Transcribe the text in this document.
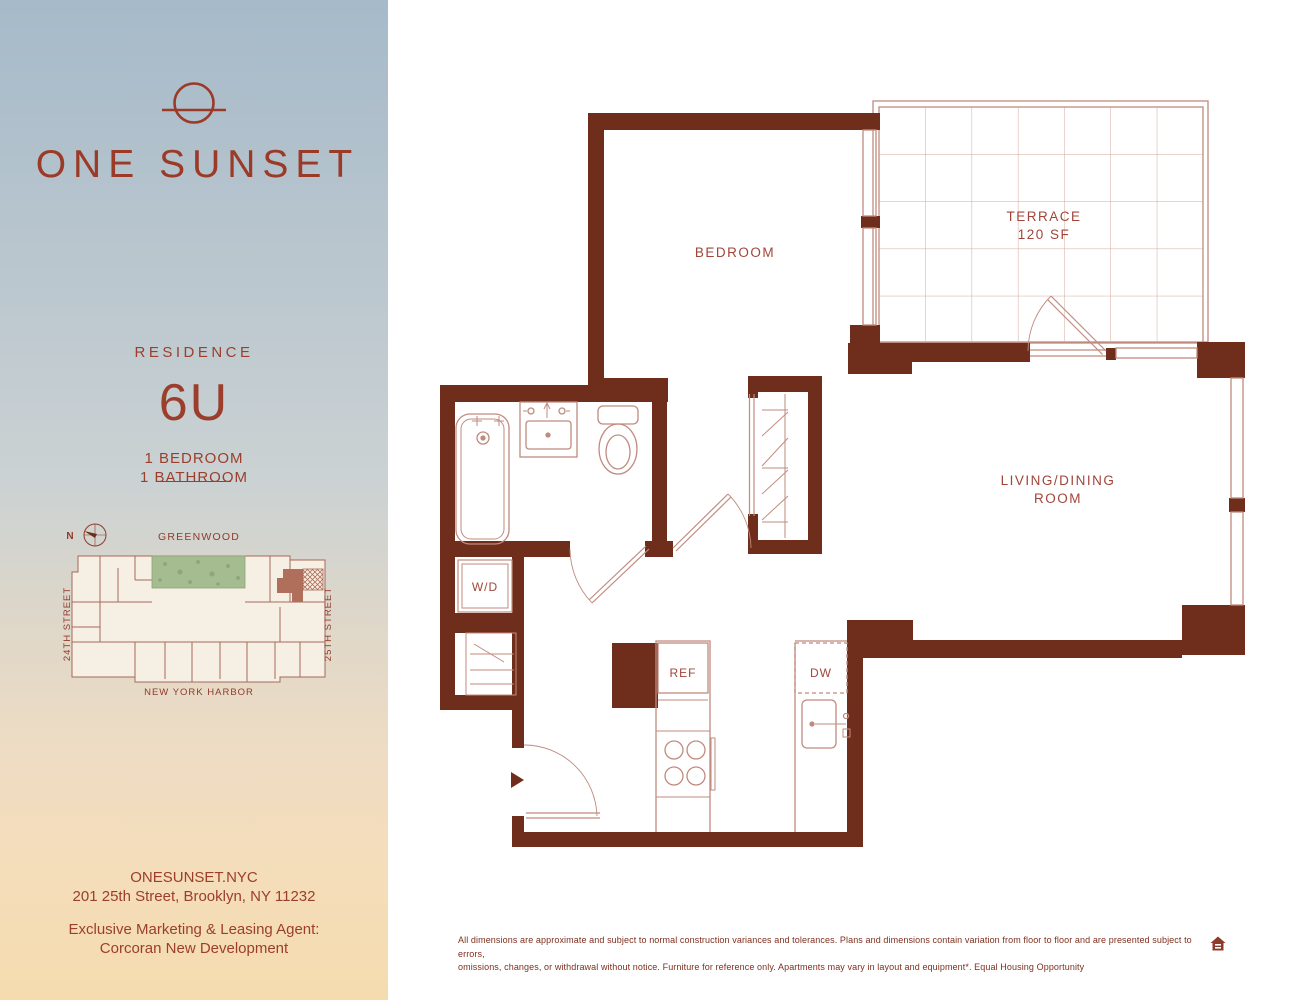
ONE SUNSET
RESIDENCE
6U
1 BEDROOM
1 BATHROOM
N	GREENWOOD
24TH STREET	25TH STREET
NEW YORK HARBOR
ONESUNSET.NYC
201 25th Street, Brooklyn, NY 11232
Exclusive Marketing & Leasing Agent:
Corcoran New Development
BEDROOM
TERRACE
120 SF
LIVING/DINING
ROOM
W/D
REF	DW
All dimensions are approximate and subject to normal construction variances and tolerances. Plans and dimensions contain variation from floor to floor and are presented subject to errors,
omissions, changes, or withdrawal without notice. Furniture for reference only. Apartments may vary in layout and equipment*. Equal Housing Opportunity
